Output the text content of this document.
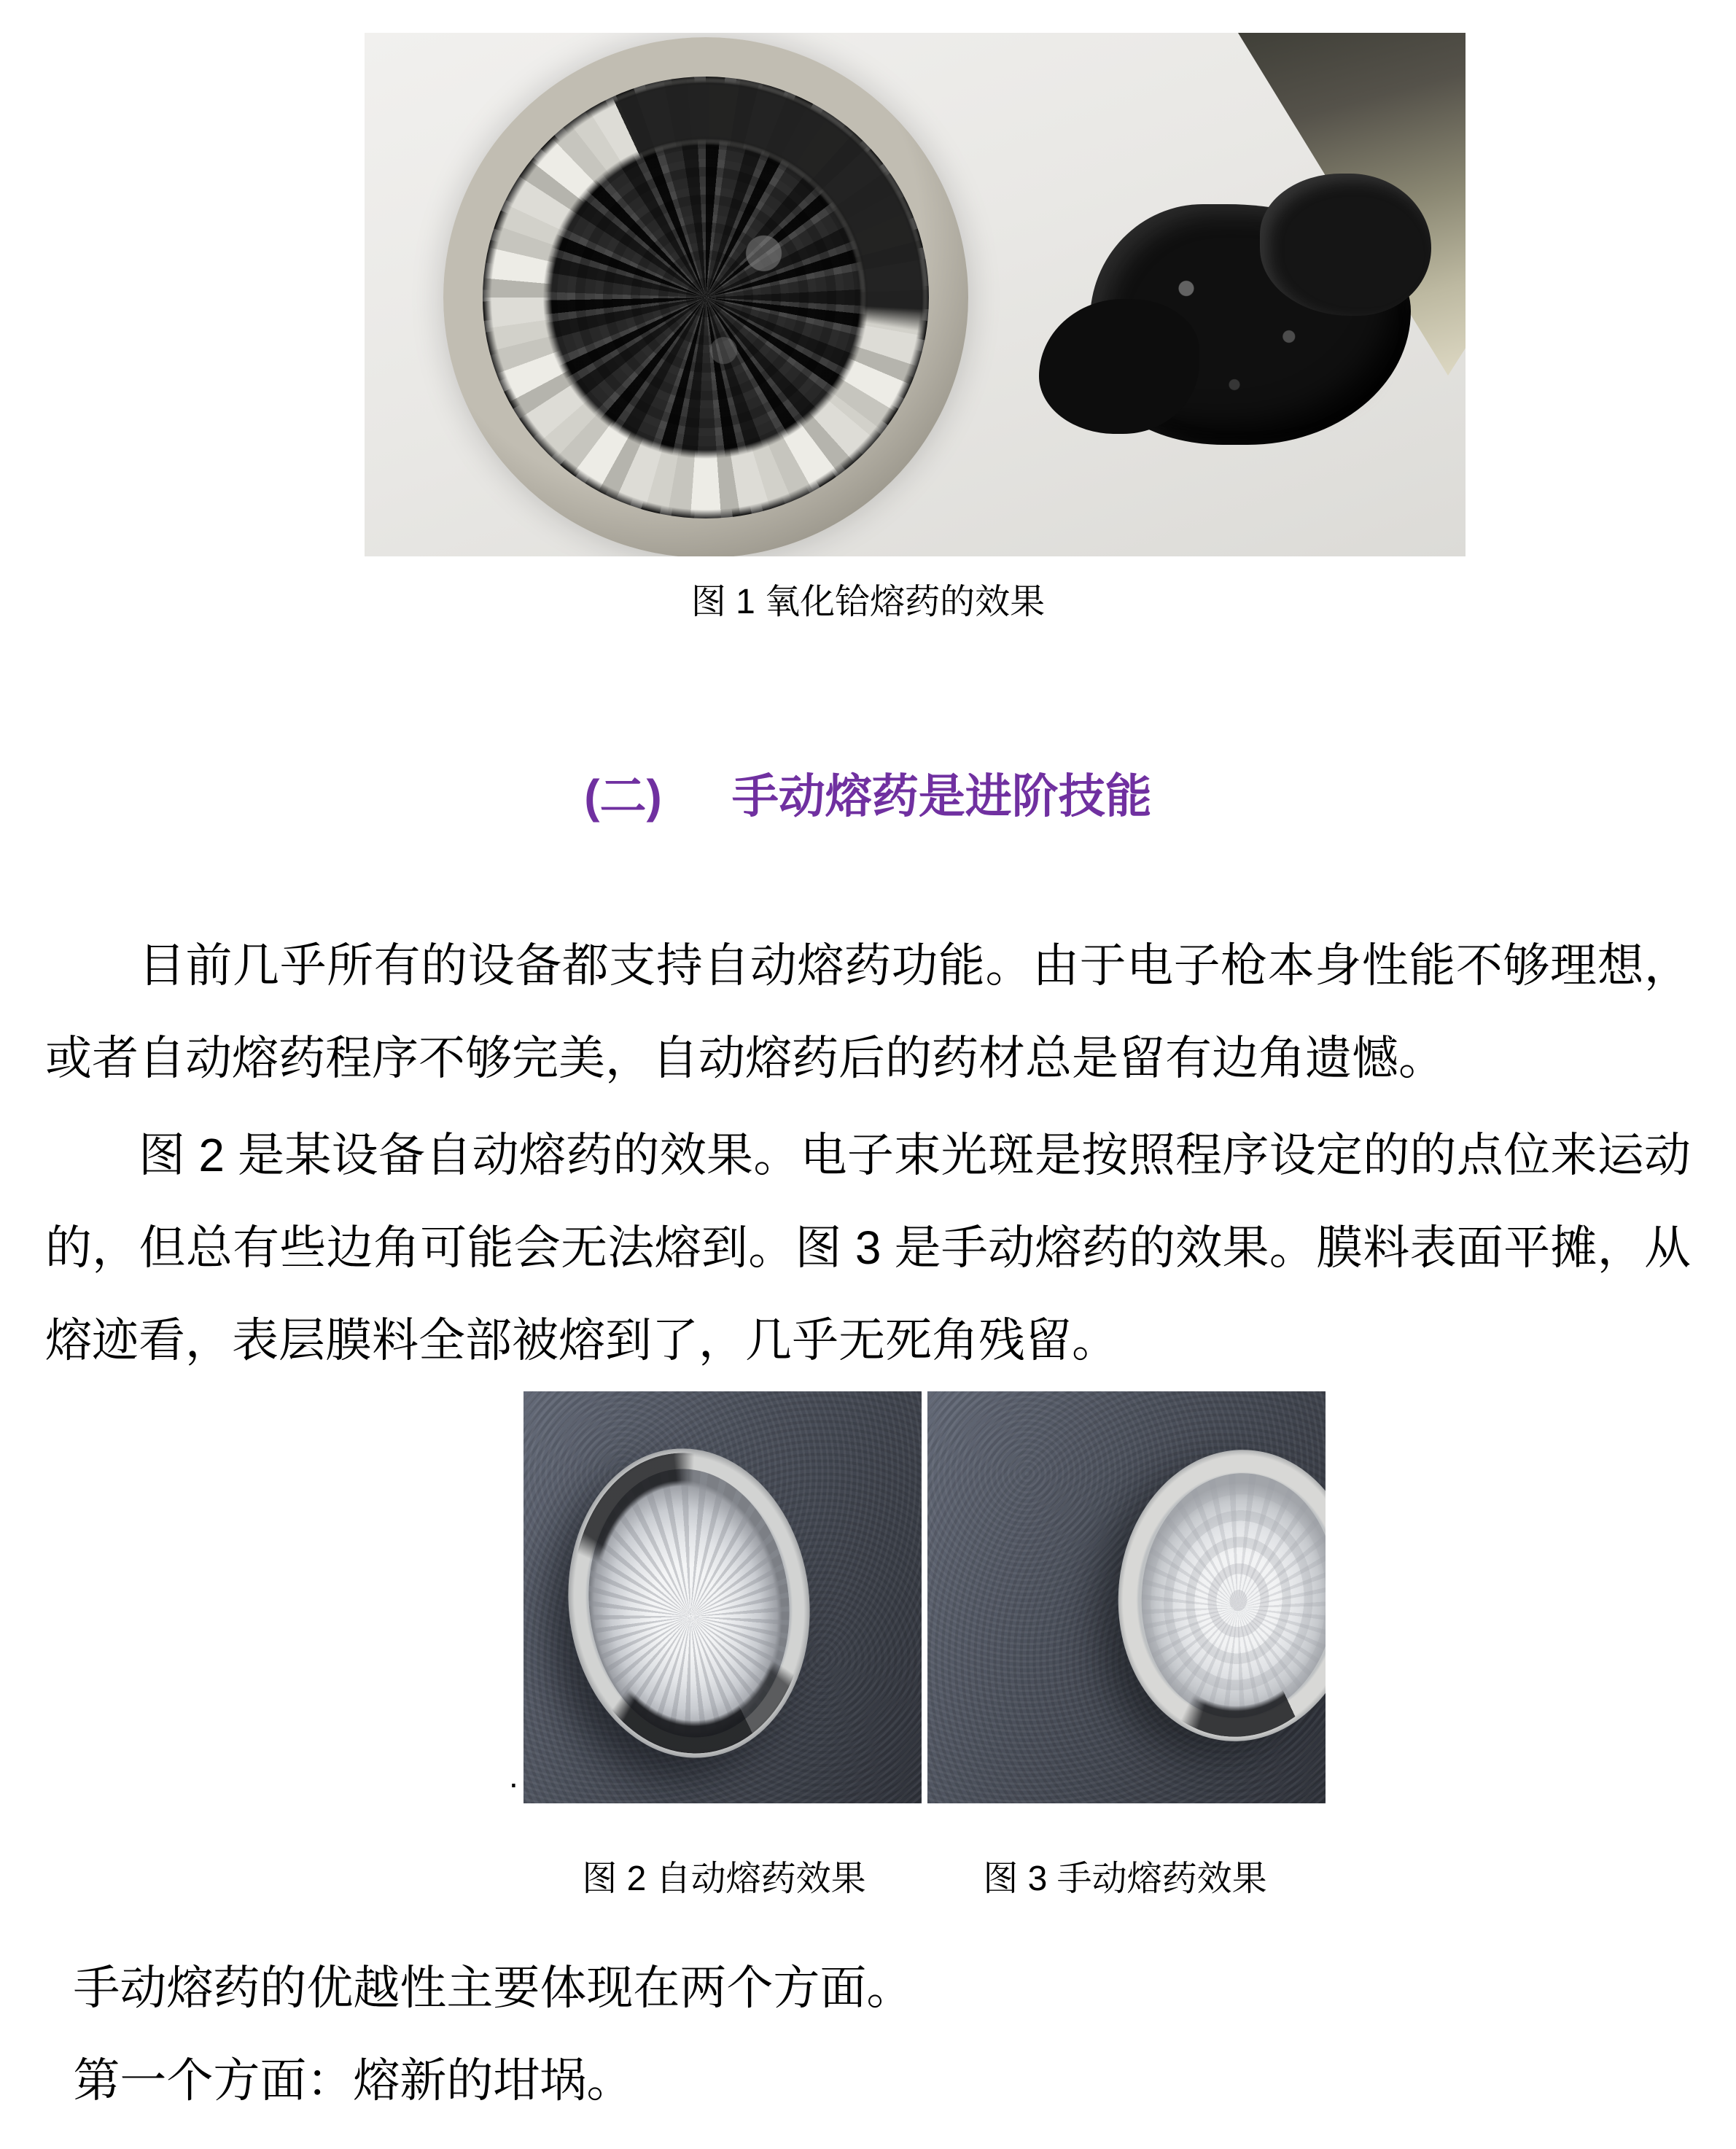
图 1 氧化铪熔药的效果
(二) 手动熔药是进阶技能

目前几乎所有的设备都支持自动熔药功能。由于电子枪本身性能不够理想，或者自动熔药程序不够完美，自动熔药后的药材总是留有边角遗憾。

图 2 是某设备自动熔药的效果。电子束光斑是按照程序设定的的点位来运动的，但总有些边角可能会无法熔到。图 3 是手动熔药的效果。膜料表面平摊，从熔迹看，表层膜料全部被熔到了，几乎无死角残留。

.
图 2 自动熔药效果	图 3 手动熔药效果

手动熔药的优越性主要体现在两个方面。

第一个方面：熔新的坩埚。
